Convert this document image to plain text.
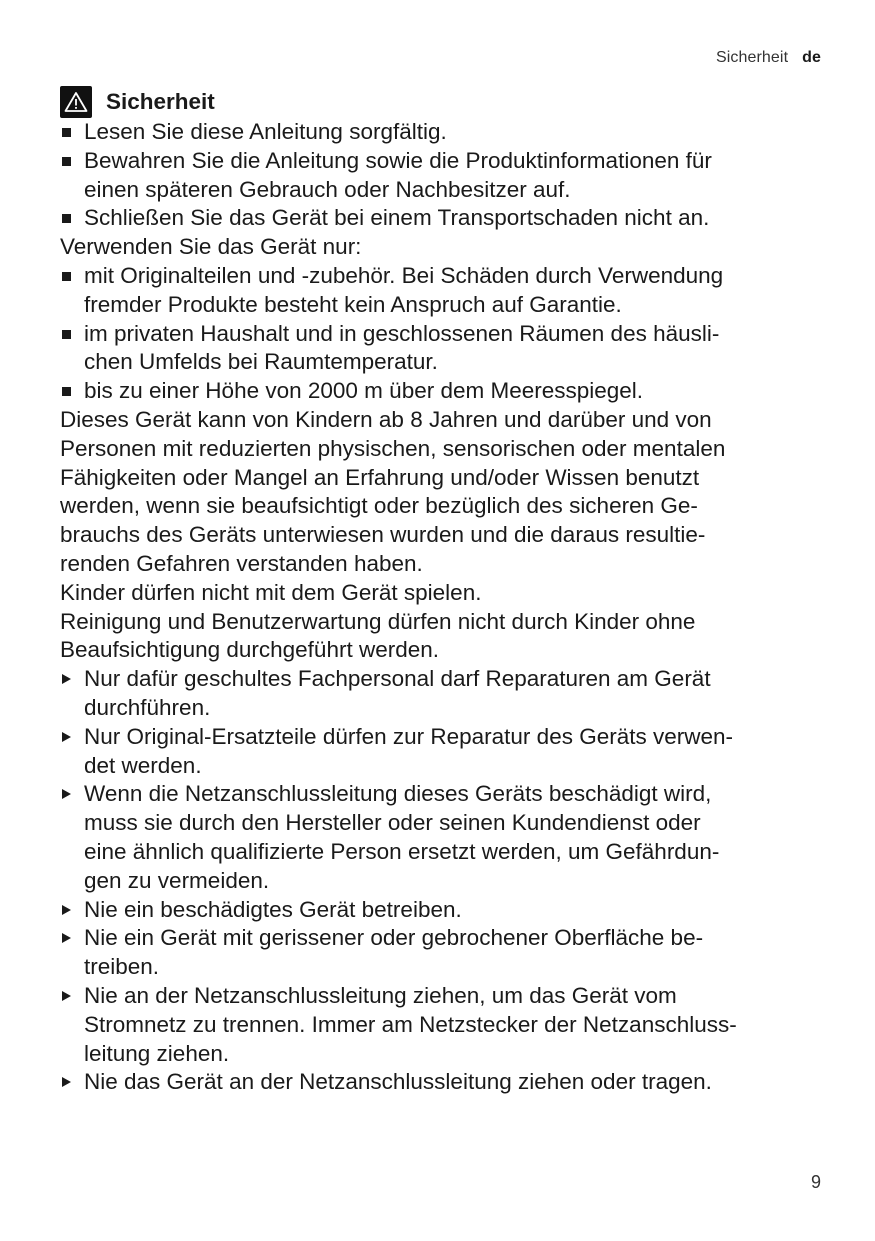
Sicherheit de
Sicherheit
Lesen Sie diese Anleitung sorgfältig.
Bewahren Sie die Anleitung sowie die Produktinformationen für
einen späteren Gebrauch oder Nachbesitzer auf.
Schließen Sie das Gerät bei einem Transportschaden nicht an.
Verwenden Sie das Gerät nur:
mit Originalteilen und -zubehör. Bei Schäden durch Verwendung
fremder Produkte besteht kein Anspruch auf Garantie.
im privaten Haushalt und in geschlossenen Räumen des häusli-
chen Umfelds bei Raumtemperatur.
bis zu einer Höhe von 2000 m über dem Meeresspiegel.
Dieses Gerät kann von Kindern ab 8 Jahren und darüber und von
Personen mit reduzierten physischen, sensorischen oder mentalen
Fähigkeiten oder Mangel an Erfahrung und/oder Wissen benutzt
werden, wenn sie beaufsichtigt oder bezüglich des sicheren Ge-
brauchs des Geräts unterwiesen wurden und die daraus resultie-
renden Gefahren verstanden haben.
Kinder dürfen nicht mit dem Gerät spielen.
Reinigung und Benutzerwartung dürfen nicht durch Kinder ohne
Beaufsichtigung durchgeführt werden.
Nur dafür geschultes Fachpersonal darf Reparaturen am Gerät
durchführen.
Nur Original-Ersatzteile dürfen zur Reparatur des Geräts verwen-
det werden.
Wenn die Netzanschlussleitung dieses Geräts beschädigt wird,
muss sie durch den Hersteller oder seinen Kundendienst oder
eine ähnlich qualifizierte Person ersetzt werden, um Gefährdun-
gen zu vermeiden.
Nie ein beschädigtes Gerät betreiben.
Nie ein Gerät mit gerissener oder gebrochener Oberfläche be-
treiben.
Nie an der Netzanschlussleitung ziehen, um das Gerät vom
Stromnetz zu trennen. Immer am Netzstecker der Netzanschluss-
leitung ziehen.
Nie das Gerät an der Netzanschlussleitung ziehen oder tragen.
9
